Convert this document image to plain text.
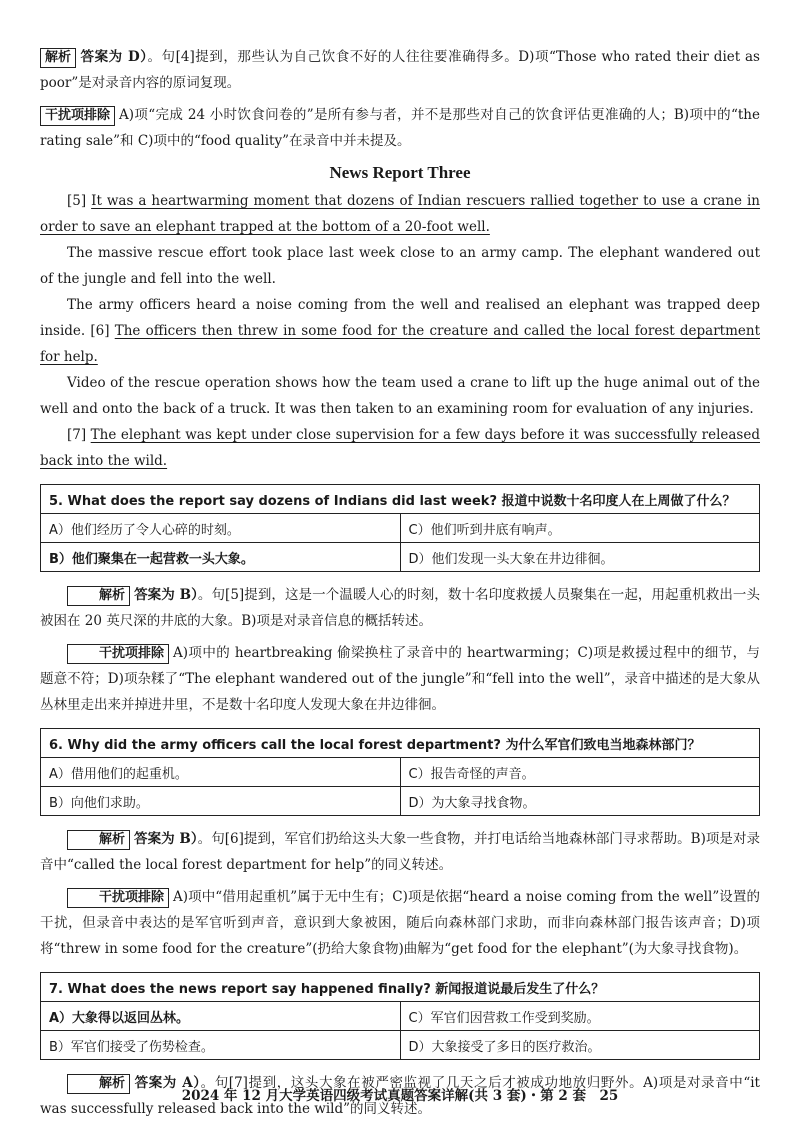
解析 答案为 D）。句[4]提到，那些认为自己饮食不好的人往往要准确得多。D)项“Those who rated their diet as poor”是对录音内容的原词复现。

干扰项排除 A)项“完成 24 小时饮食问卷的”是所有参与者，并不是那些对自己的饮食评估更准确的人；B)项中的“the rating sale”和 C)项中的“food quality”在录音中并未提及。

News Report Three

[5] It was a heartwarming moment that dozens of Indian rescuers rallied together to use a crane in order to save an elephant trapped at the bottom of a 20-foot well.

The massive rescue effort took place last week close to an army camp. The elephant wandered out of the jungle and fell into the well.

The army officers heard a noise coming from the well and realised an elephant was trapped deep inside. [6] The officers then threw in some food for the creature and called the local forest department for help.

Video of the rescue operation shows how the team used a crane to lift up the huge animal out of the well and onto the back of a truck. It was then taken to an examining room for evaluation of any injuries.

[7] The elephant was kept under close supervision for a few days before it was successfully released back into the wild.

5. What does the report say dozens of Indians did last week? 报道中说数十名印度人在上周做了什么？	
A）他们经历了令人心碎的时刻。	C）他们听到井底有响声。
B）他们聚集在一起营救一头大象。	D）他们发现一头大象在井边徘徊。

解析 答案为 B）。句[5]提到，这是一个温暖人心的时刻，数十名印度救援人员聚集在一起，用起重机救出一头被困在 20 英尺深的井底的大象。B)项是对录音信息的概括转述。

干扰项排除 A)项中的 heartbreaking 偷梁换柱了录音中的 heartwarming；C)项是救援过程中的细节，与题意不符；D)项杂糅了“The elephant wandered out of the jungle”和“fell into the well”，录音中描述的是大象从丛林里走出来并掉进井里，不是数十名印度人发现大象在井边徘徊。

6. Why did the army officers call the local forest department? 为什么军官们致电当地森林部门？	
A）借用他们的起重机。	C）报告奇怪的声音。
B）向他们求助。	D）为大象寻找食物。

解析 答案为 B）。句[6]提到，军官们扔给这头大象一些食物，并打电话给当地森林部门寻求帮助。B)项是对录音中“called the local forest department for help”的同义转述。

干扰项排除 A)项中“借用起重机”属于无中生有；C)项是依据“heard a noise coming from the well”设置的干扰，但录音中表达的是军官听到声音，意识到大象被困，随后向森林部门求助，而非向森林部门报告该声音；D)项将“threw in some food for the creature”(扔给大象食物)曲解为“get food for the elephant”(为大象寻找食物)。

7. What does the news report say happened finally? 新闻报道说最后发生了什么？	
A）大象得以返回丛林。	C）军官们因营救工作受到奖励。
B）军官们接受了伤势检查。	D）大象接受了多日的医疗救治。

解析 答案为 A）。句[7]提到，这头大象在被严密监视了几天之后才被成功地放归野外。A)项是对录音中“it was successfully released back into the wild”的同义转述。

2024 年 12 月大学英语四级考试真题答案详解(共 3 套)・第 2 套　25
